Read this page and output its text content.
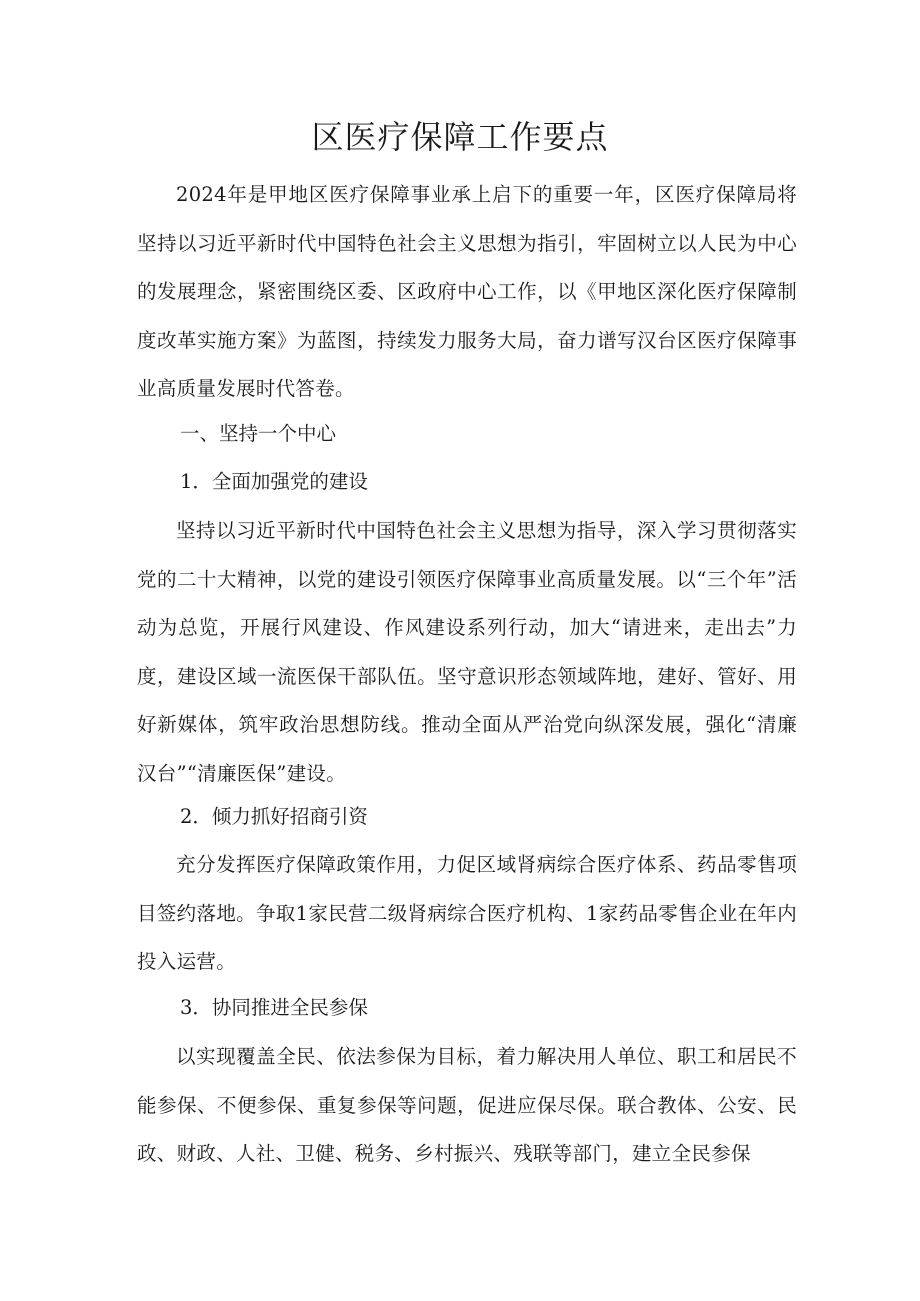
区医疗保障工作要点

2024年是甲地区医疗保障事业承上启下的重要一年，区医疗保障局将坚持以习近平新时代中国特色社会主义思想为指引，牢固树立以人民为中心的发展理念，紧密围绕区委、区政府中心工作，以《甲地区深化医疗保障制度改革实施方案》为蓝图，持续发力服务大局，奋力谱写汉台区医疗保障事业高质量发展时代答卷。

一、坚持一个中心

1．全面加强党的建设

坚持以习近平新时代中国特色社会主义思想为指导，深入学习贯彻落实党的二十大精神，以党的建设引领医疗保障事业高质量发展。以“三个年”活动为总览，开展行风建设、作风建设系列行动，加大“请进来，走出去”力度，建设区域一流医保干部队伍。坚守意识形态领域阵地，建好、管好、用好新媒体，筑牢政治思想防线。推动全面从严治党向纵深发展，强化“清廉汉台”“清廉医保”建设。

2．倾力抓好招商引资

充分发挥医疗保障政策作用，力促区域肾病综合医疗体系、药品零售项目签约落地。争取1家民营二级肾病综合医疗机构、1家药品零售企业在年内投入运营。

3．协同推进全民参保

以实现覆盖全民、依法参保为目标，着力解决用人单位、职工和居民不能参保、不便参保、重复参保等问题，促进应保尽保。联合教体、公安、民政、财政、人社、卫健、税务、乡村振兴、残联等部门，建立全民参保
